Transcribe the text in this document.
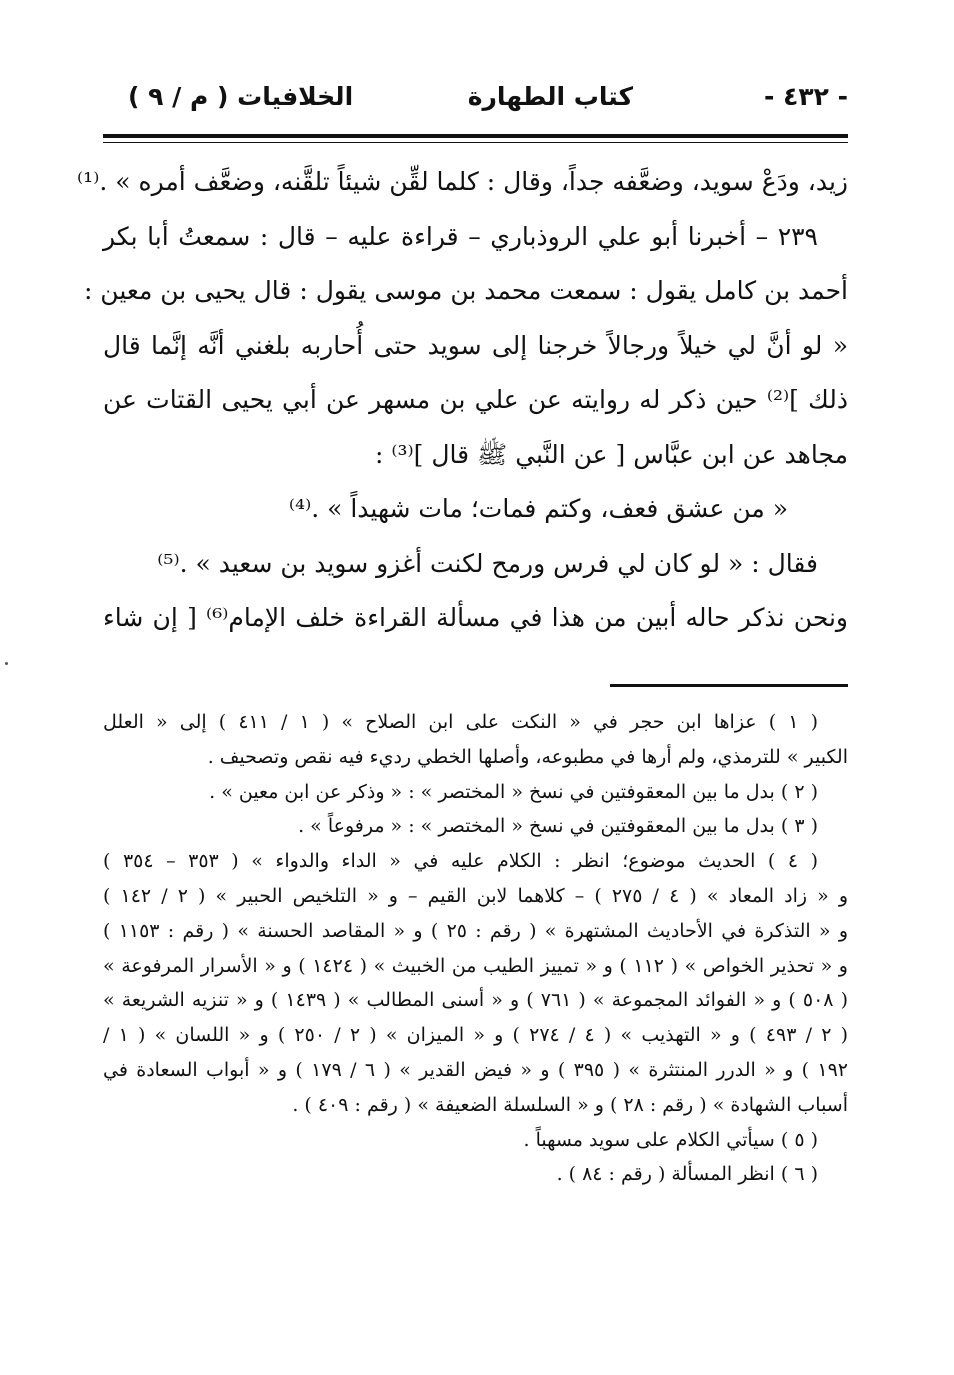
- ٤٣٢ -
كتاب الطهارة
الخلافيات ( م / ٩ )
زيد، ودَعْ سويد، وضعَّفه جداً، وقال : كلما لقِّن شيئاً تلقَّنه، وضعَّف أمره » .⁽¹⁾
٢٣٩ – أخبرنا أبو علي الروذباري – قراءة عليه – قال : سمعتُ أبا بكر
أحمد بن كامل يقول : سمعت محمد بن موسى يقول : قال يحيى بن معين :
« لو أنَّ لي خيلاً ورجالاً خرجنا إلى سويد حتى أُحاربه بلغني أنَّه إنَّما قال
ذلك ]⁽²⁾ حين ذكر له روايته عن علي بن مسهر عن أبي يحيى القتات عن
مجاهد عن ابن عبَّاس [ عن النَّبي ﷺ قال ]⁽³⁾ :
« من عشق فعف، وكتم فمات؛ مات شهيداً » .⁽⁴⁾
فقال : « لو كان لي فرس ورمح لكنت أغزو سويد بن سعيد » .⁽⁵⁾
ونحن نذكر حاله أبين من هذا في مسألة القراءة خلف الإمام⁽⁶⁾ [ إن شاء
( ١ ) عزاها ابن حجر في « النكت على ابن الصلاح » ( ١ / ٤١١ ) إلى « العلل
الكبير » للترمذي، ولم أرها في مطبوعه، وأصلها الخطي رديء فيه نقص وتصحيف .
( ٢ ) بدل ما بين المعقوفتين في نسخ « المختصر » : « وذكر عن ابن معين » .
( ٣ ) بدل ما بين المعقوفتين في نسخ « المختصر » : « مرفوعاً » .
( ٤ ) الحديث موضوع؛ انظر : الكلام عليه في « الداء والدواء » ( ٣٥٣ – ٣٥٤ )
و « زاد المعاد » ( ٤ / ٢٧٥ ) – كلاهما لابن القيم – و « التلخيص الحبير » ( ٢ / ١٤٢ )
و « التذكرة في الأحاديث المشتهرة » ( رقم : ٢٥ ) و « المقاصد الحسنة » ( رقم : ١١٥٣ )
و « تحذير الخواص » ( ١١٢ ) و « تمييز الطيب من الخبيث » ( ١٤٢٤ ) و « الأسرار المرفوعة »
( ٥٠٨ ) و « الفوائد المجموعة » ( ٧٦١ ) و « أسنى المطالب » ( ١٤٣٩ ) و « تنزيه الشريعة »
( ٢ / ٤٩٣ ) و « التهذيب » ( ٤ / ٢٧٤ ) و « الميزان » ( ٢ / ٢٥٠ ) و « اللسان » ( ١ /
١٩٢ ) و « الدرر المنتثرة » ( ٣٩٥ ) و « فيض القدير » ( ٦ / ١٧٩ ) و « أبواب السعادة في
أسباب الشهادة » ( رقم : ٢٨ ) و « السلسلة الضعيفة » ( رقم : ٤٠٩ ) .
( ٥ ) سيأتي الكلام على سويد مسهباً .
( ٦ ) انظر المسألة ( رقم : ٨٤ ) .
